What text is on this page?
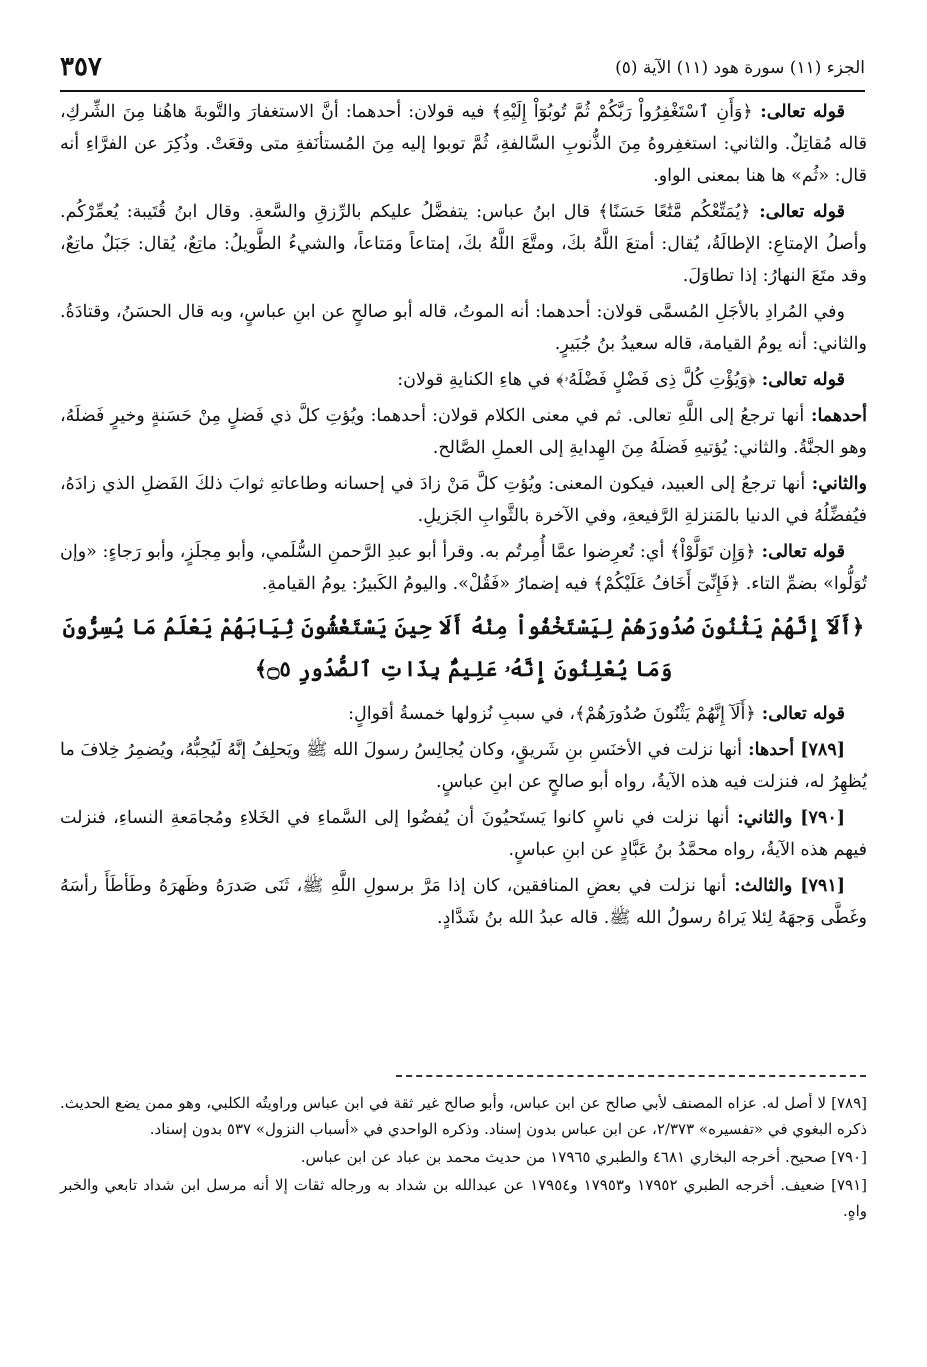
الجزء (١١) سورة هود (١١) الآية (٥)
٣٥٧

قوله تعالى: ﴿وَأَنِ ٱسْتَغْفِرُواْ رَبَّكُمْ ثُمَّ تُوبُوٓاْ إِلَيْهِ﴾ فيه قولان: أحدهما: أنَّ الاستغفارَ والتَّوبةَ هاهُنا مِنَ الشِّركِ، قاله مُقاتِلٌ. والثاني: استغفِروهُ مِنَ الذُّنوبِ السَّالفةِ، ثُمَّ توبوا إليه مِنَ المُستأنَفةِ متى وقعَتْ. وذُكِرَ عن الفرَّاءِ أنه قال: «ثُم» ها هنا بمعنى الواو.

قوله تعالى: ﴿يُمَتِّعْكُم مَّتَٰعًا حَسَنًا﴾ قال ابنُ عباس: يتفضَّلُ عليكم بالرِّزقِ والسَّعةِ. وقال ابنُ قُتَيبة: يُعمِّرْكُم. وأصلُ الإمتاعِ: الإطالَةُ، يُقال: أمتعَ اللَّهُ بكَ، ومتَّعَ اللَّهُ بكَ، إمتاعاً ومَتاعاً، والشيءُ الطَّويلُ: ماتِعٌ، يُقال: جَبَلٌ ماتِعٌ، وقد متَعَ النهارُ: إذا تطاوَلَ.

وفي المُرادِ بالأجَلِ المُسمَّى قولان: أحدهما: أنه الموتُ، قاله أبو صالحٍ عن ابنِ عباسٍ، وبه قال الحسَنُ، وقتادَةُ. والثاني: أنه يومُ القيامة، قاله سعيدُ بنُ جُبَيرٍ.

قوله تعالى: ﴿وَيُؤْتِ كُلَّ ذِى فَضْلٍ فَضْلَهُۥ﴾ في هاءِ الكنايةِ قولان:

أحدهما: أنها ترجعُ إلى اللَّهِ تعالى. ثم في معنى الكلام قولان: أحدهما: ويُؤتِ كلَّ ذي فَضلٍ مِنْ حَسَنةٍ وخيرٍ فَضلَهُ، وهو الجنَّةُ. والثاني: يُؤتيهِ فَضلَهُ مِنَ الهِدايةِ إلى العملِ الصَّالح.

والثاني: أنها ترجعُ إلى العبيد، فيكون المعنى: ويُؤتِ كلَّ مَنْ زادَ في إحسانه وطاعاتهِ ثوابَ ذلكَ الفَضلِ الذي زادَهُ، فيُفضِّلُهُ في الدنيا بالمَنزلةِ الرَّفيعةِ، وفي الآخرة بالثَّوابِ الجَزيلِ.

قوله تعالى: ﴿وَإِن تَوَلَّوْاْ﴾ أي: تُعرِضوا عمَّا أُمِرتُم به. وقرأ أبو عبدِ الرَّحمنِ السُّلَمي، وأبو مِجلَزٍ، وأبو رَجاءٍ: «وإن تُوَلُّوا» بضمِّ التاء. ﴿فَإِنِّىٓ أَخَافُ عَلَيْكُمْ﴾ فيه إضمارُ «فَقُلْ». واليومُ الكَبيرُ: يومُ القيامةِ.

﴿أَلَآ إِنَّهُمْ يَثْنُونَ صُدُورَهُمْ لِيَسْتَخْفُواْ مِنْهُ أَلَا حِينَ يَسْتَغْشُونَ ثِيَابَهُمْ يَعْلَمُ مَا يُسِرُّونَ وَمَا يُعْلِنُونَ إِنَّهُۥ عَلِيمٌۢ بِذَاتِ ٱلصُّدُورِ ۝٥﴾

قوله تعالى: ﴿أَلَآ إِنَّهُمْ يَثْنُونَ صُدُورَهُمْ﴾، في سببِ نُزولها خمسةُ أقوالٍ:

[٧٨٩] أحدها: أنها نزلت في الأخنَسِ بنِ شَريقٍ، وكان يُجالِسُ رسولَ الله ﷺ ويَحلِفُ إنَّهُ لَيُحِبُّهُ، ويُضمِرُ خِلافَ ما يُظهِرُ له، فنزلت فيه هذه الآيةُ، رواه أبو صالحٍ عن ابنِ عباسٍ.

[٧٩٠] والثاني: أنها نزلت في ناسٍ كانوا يَستَحيُونَ أن يُفضُوا إلى السَّماءِ في الخَلاءِ ومُجامَعةِ النساءِ، فنزلت فيهم هذه الآيةُ، رواه محمَّدُ بنُ عَبَّادٍ عن ابنِ عباسٍ.

[٧٩١] والثالث: أنها نزلت في بعضِ المنافقين، كان إذا مَرَّ برسولِ اللَّهِ ﷺ، ثَنَى صَدرَهُ وظَهرَهُ وطَأطَأَ رأسَهُ وغَطَّى وَجهَهُ لِئلا يَراهُ رسولُ الله ﷺ. قاله عبدُ الله بنُ شَدَّادٍ.

[٧٨٩] لا أصل له. عزاه المصنف لأبي صالح عن ابن عباس، وأبو صالح غير ثقة في ابن عباس وراويتُه الكلبي، وهو ممن يضع الحديث. ذكره البغوي في «تفسيره» ٢/٣٧٣، عن ابن عباس بدون إسناد. وذكره الواحدي في «أسباب النزول» ٥٣٧ بدون إسناد.

[٧٩٠] صحيح. أخرجه البخاري ٤٦٨١ والطبري ١٧٩٦٥ من حديث محمد بن عباد عن ابن عباس.

[٧٩١] ضعيف. أخرجه الطبري ١٧٩٥٢ و١٧٩٥٣ و١٧٩٥٤ عن عبدالله بن شداد به ورجاله ثقات إلا أنه مرسل ابن شداد تابعي والخبر واهٍ.
